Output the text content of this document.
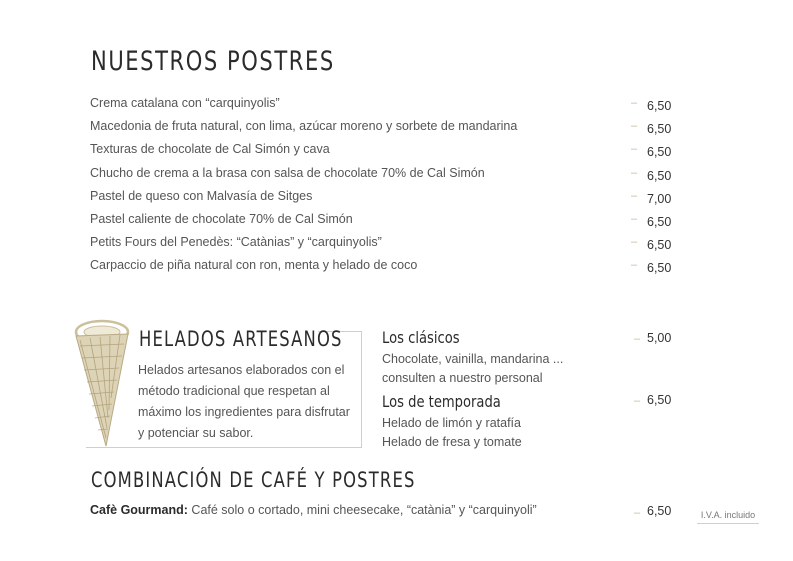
NUESTROS POSTRES
Crema catalana con “carquinyolis”	– 6,50
Macedonia de fruta natural, con lima, azúcar moreno y sorbete de mandarina	– 6,50
Texturas de chocolate de Cal Simón y cava	– 6,50
Chucho de crema a la brasa con salsa de chocolate 70% de Cal Simón	– 6,50
Pastel de queso con Malvasía de Sitges	– 7,00
Pastel caliente de chocolate 70% de Cal Simón	– 6,50
Petits Fours del Penedès: “Catànias” y “carquinyolis”	– 6,50
Carpaccio de piña natural con ron, menta y helado de coco	– 6,50
HELADOS ARTESANOS
Helados artesanos elaborados con el método tradicional que respetan al máximo los ingredientes para disfrutar y potenciar su sabor.
Los clásicos
Chocolate, vainilla, mandarina ...
consulten a nuestro personal
– 5,00
Los de temporada
Helado de limón y ratafía
Helado de fresa y tomate
– 6,50
COMBINACIÓN DE CAFÉ Y POSTRES
Cafè Gourmand: Café solo o cortado, mini cheesecake, “catània” y “carquinyoli”	– 6,50	I.V.A. incluido
